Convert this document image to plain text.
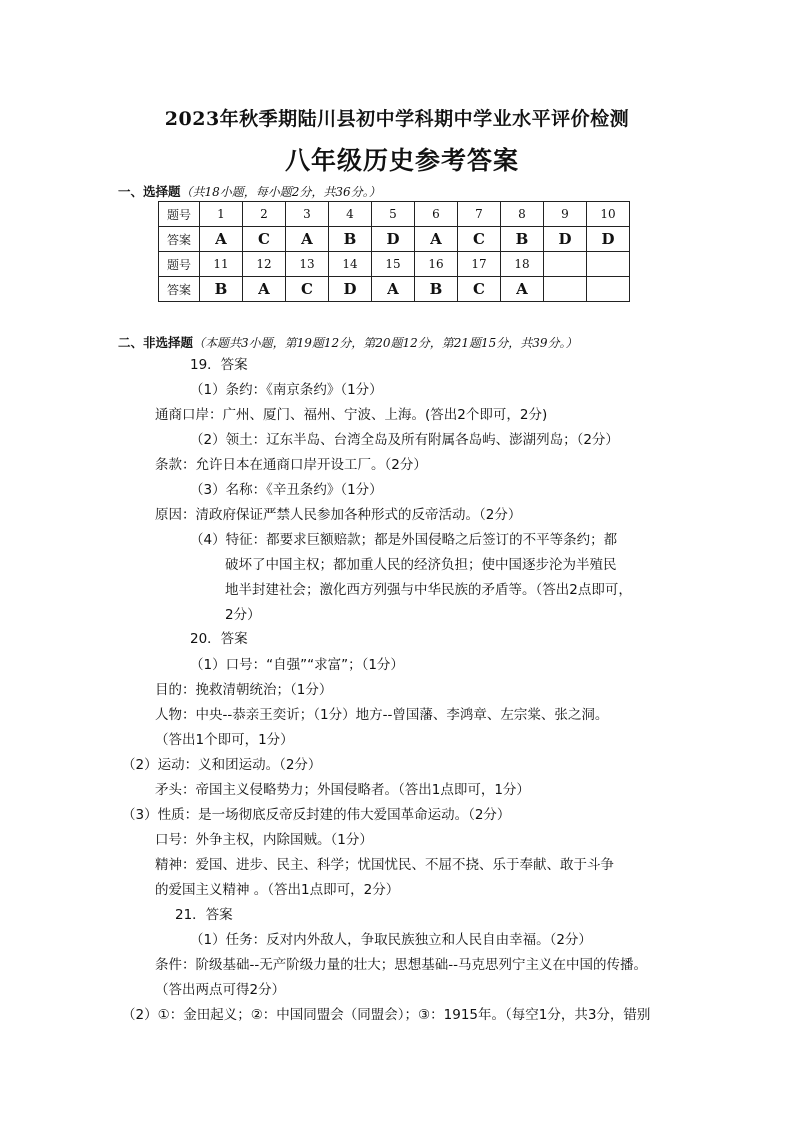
2023年秋季期陆川县初中学科期中学业水平评价检测
八年级历史参考答案
一、选择题（共18小题，每小题2分，共36分。）
题号	1	2	3	4	5	6	7	8	9	10
答案	A	C	A	B	D	A	C	B	D	D
题号	11	12	13	14	15	16	17	18		
答案	B	A	C	D	A	B	C	A		
二、非选择题（本题共3小题，第19题12分，第20题12分，第21题15分，共39分。）
19．答案
（1）条约：《南京条约》（1分）
通商口岸：广州、厦门、福州、宁波、上海。(答出2个即可，2分)
（2）领土：辽东半岛、台湾全岛及所有附属各岛屿、澎湖列岛；（2分）
条款：允许日本在通商口岸开设工厂。（2分）
（3）名称：《辛丑条约》（1分）
原因：清政府保证严禁人民参加各种形式的反帝活动。（2分）
（4）特征：都要求巨额赔款；都是外国侵略之后签订的不平等条约；都
破坏了中国主权；都加重人民的经济负担；使中国逐步沦为半殖民
地半封建社会；激化西方列强与中华民族的矛盾等。（答出2点即可，
2分）
20．答案
（1）口号：“自强”“求富”；（1分）
目的：挽救清朝统治；（1分）
人物：中央--恭亲王奕䜣；（1分）地方--曾国藩、李鸿章、左宗棠、张之洞。
（答出1个即可，1分）
（2）运动：义和团运动。（2分）
矛头：帝国主义侵略势力；外国侵略者。（答出1点即可，1分）
（3）性质：是一场彻底反帝反封建的伟大爱国革命运动。（2分）
口号：外争主权，内除国贼。（1分）
精神：爱国、进步、民主、科学；忧国忧民、不屈不挠、乐于奉献、敢于斗争
的爱国主义精神 。（答出1点即可，2分）
21．答案
（1）任务：反对内外敌人，争取民族独立和人民自由幸福。（2分）
条件：阶级基础--无产阶级力量的壮大；思想基础--马克思列宁主义在中国的传播。
（答出两点可得2分）
（2）①：金田起义；②：中国同盟会（同盟会）；③：1915年。（每空1分，共3分，错别
